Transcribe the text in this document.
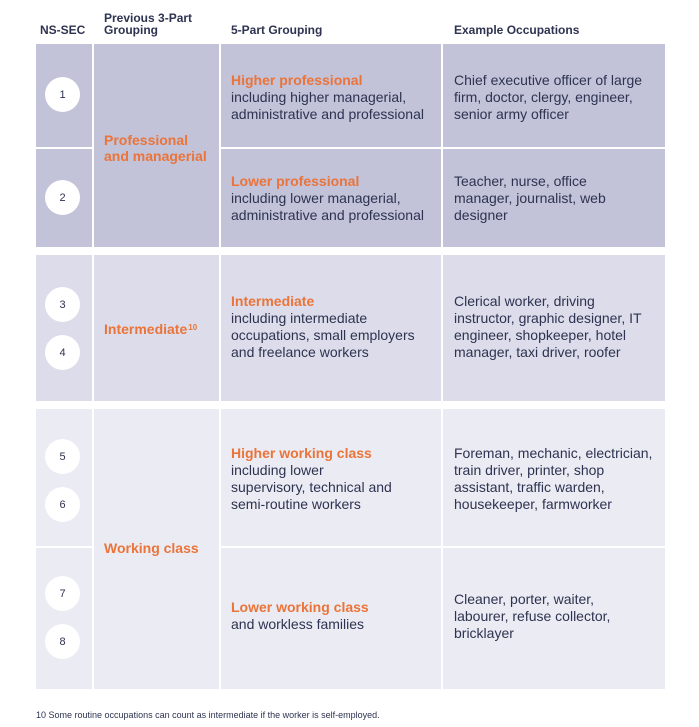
NS-SEC
Previous 3-Part Grouping	5-Part Grouping	Example Occupations
1
2
Professional and managerial
Higher professional
including higher managerial, administrative and professional
Chief executive officer of large firm, doctor, clergy, engineer, senior army officer
Lower professional
including lower managerial, administrative and professional
Teacher, nurse, office manager, journalist, web designer
3
4
Intermediate$^{10}$
Intermediate
including intermediate occupations, small employers and freelance workers
Clerical worker, driving instructor, graphic designer, IT engineer, shopkeeper, hotel manager, taxi driver, roofer
5
6
7
8
Working class
Higher working class
including lower supervisory, technical and semi-routine workers
Foreman, mechanic, electrician, train driver, printer, shop assistant, traffic warden, housekeeper, farmworker
Lower working class
and workless families
Cleaner, porter, waiter, labourer, refuse collector, bricklayer
10 Some routine occupations can count as intermediate if the worker is self-employed.
